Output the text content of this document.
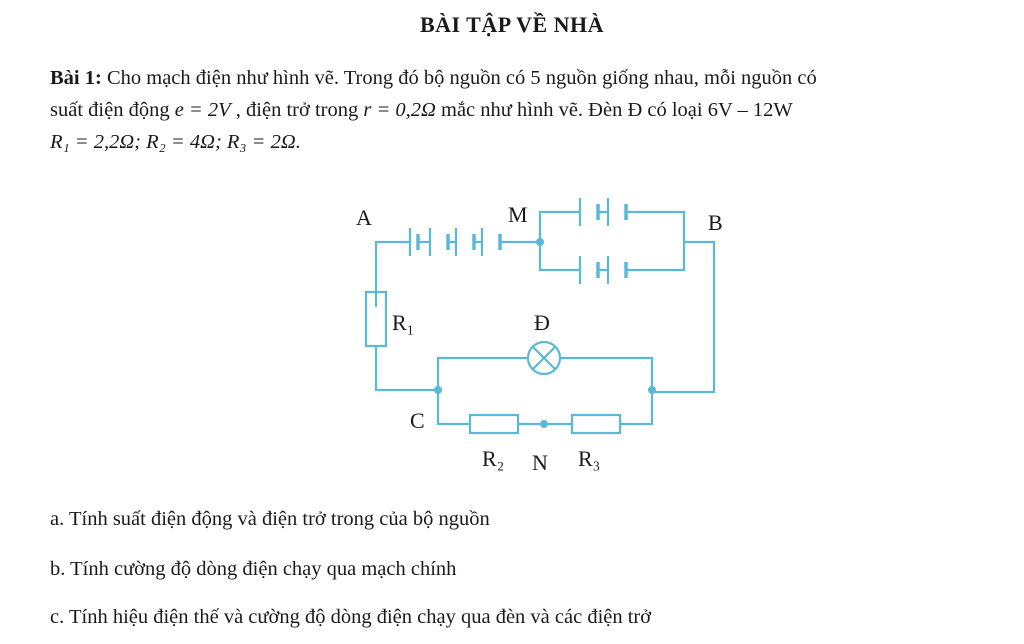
BÀI TẬP VỀ NHÀ
Bài 1: Cho mạch điện như hình vẽ. Trong đó bộ nguồn có 5 nguồn giống nhau, mỗi nguồn có
suất điện động e = 2V , điện trở trong r = 0,2Ω mắc như hình vẽ. Đèn Đ có loại 6V – 12W
R₁ = 2,2Ω; R₂ = 4Ω; R₃ = 2Ω.
A	M	B
R₁	Đ
C
R₂ N R₃
a. Tính suất điện động và điện trở trong của bộ nguồn
b. Tính cường độ dòng điện chạy qua mạch chính
c. Tính hiệu điện thế và cường độ dòng điện chạy qua đèn và các điện trở
